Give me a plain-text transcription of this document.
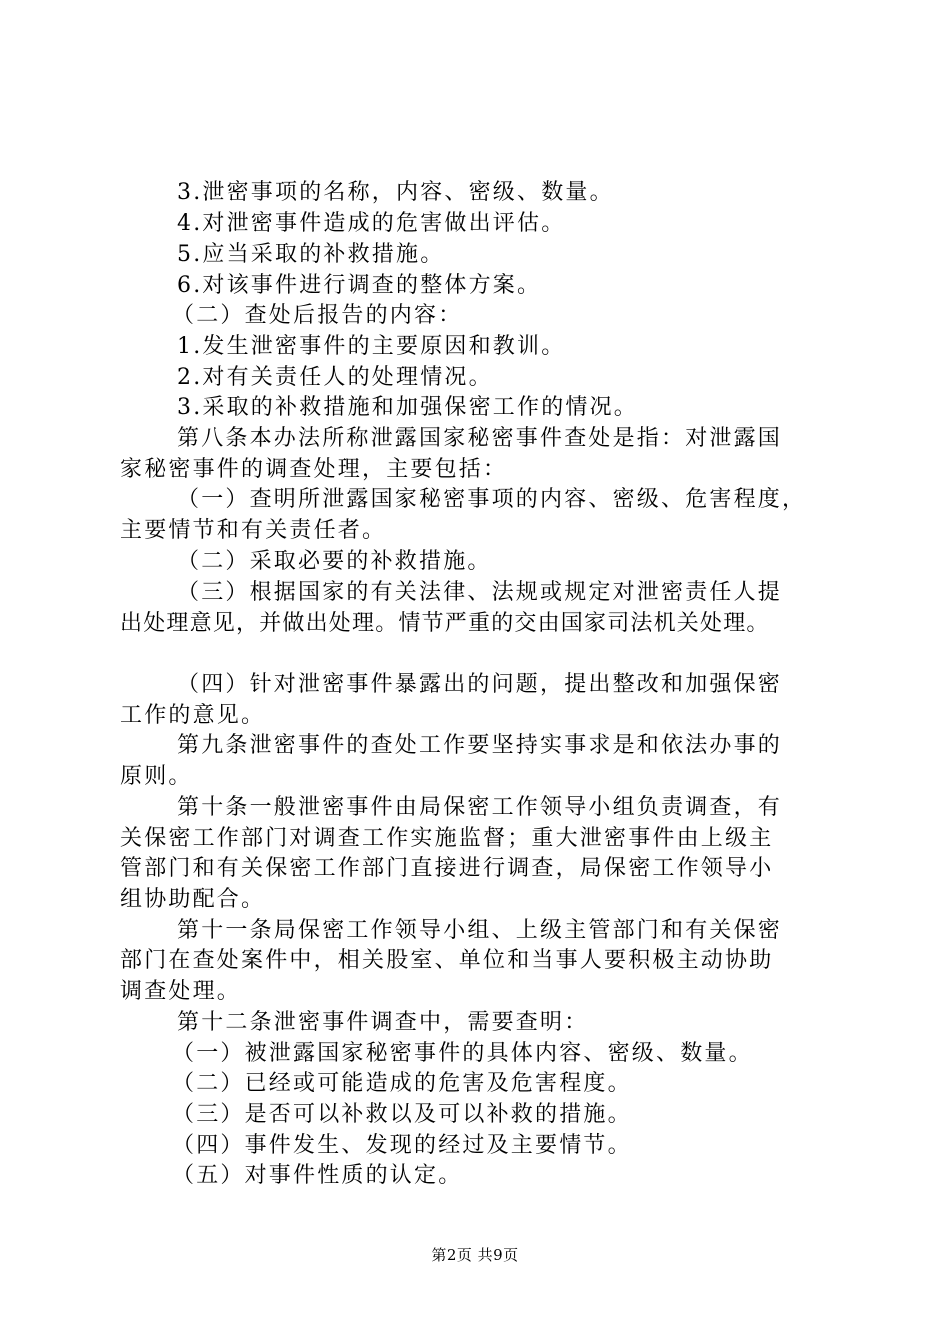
3.泄密事项的名称，内容、密级、数量。
4.对泄密事件造成的危害做出评估。
5.应当采取的补救措施。
6.对该事件进行调查的整体方案。
（二）查处后报告的内容：
1.发生泄密事件的主要原因和教训。
2.对有关责任人的处理情况。
3.采取的补救措施和加强保密工作的情况。
第八条本办法所称泄露国家秘密事件查处是指：对泄露国
家秘密事件的调查处理，主要包括：
（一）查明所泄露国家秘密事项的内容、密级、危害程度，
主要情节和有关责任者。
（二）采取必要的补救措施。
（三）根据国家的有关法律、法规或规定对泄密责任人提
出处理意见，并做出处理。情节严重的交由国家司法机关处理。
（四）针对泄密事件暴露出的问题，提出整改和加强保密
工作的意见。
第九条泄密事件的查处工作要坚持实事求是和依法办事的
原则。
第十条一般泄密事件由局保密工作领导小组负责调查，有
关保密工作部门对调查工作实施监督；重大泄密事件由上级主
管部门和有关保密工作部门直接进行调查，局保密工作领导小
组协助配合。
第十一条局保密工作领导小组、上级主管部门和有关保密
部门在查处案件中，相关股室、单位和当事人要积极主动协助
调查处理。
第十二条泄密事件调查中，需要查明：
（一）被泄露国家秘密事件的具体内容、密级、数量。
（二）已经或可能造成的危害及危害程度。
（三）是否可以补救以及可以补救的措施。
（四）事件发生、发现的经过及主要情节。
（五）对事件性质的认定。
第2页 共9页
